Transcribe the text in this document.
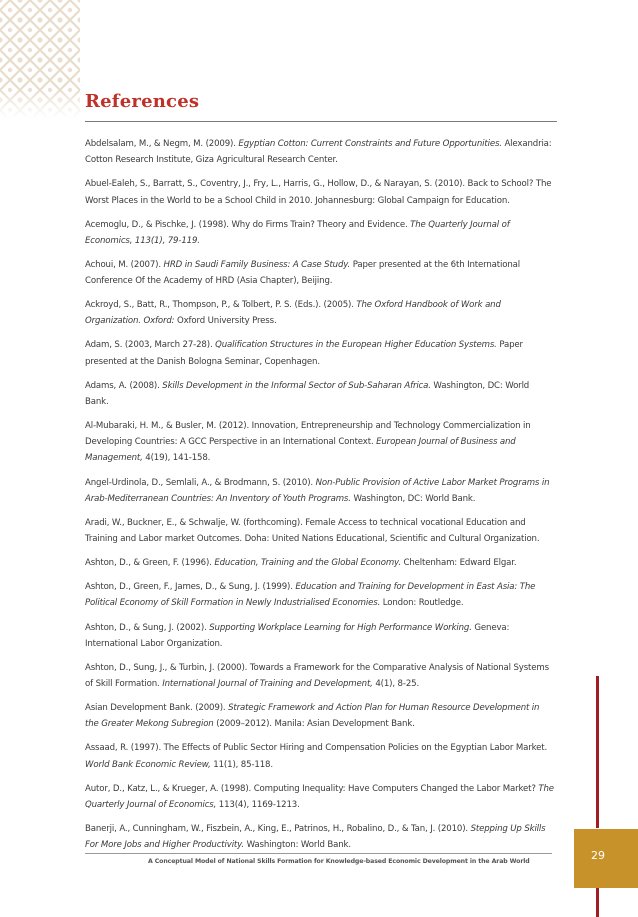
References

Abdelsalam, M., & Negm, M. (2009). Egyptian Cotton: Current Constraints and Future Opportunities. Alexandria: Cotton Research Institute, Giza Agricultural Research Center.

Abuel-Ealeh, S., Barratt, S., Coventry, J., Fry, L., Harris, G., Hollow, D., & Narayan, S. (2010). Back to School? The Worst Places in the World to be a School Child in 2010. Johannesburg: Global Campaign for Education.

Acemoglu, D., & Pischke, J. (1998). Why do Firms Train? Theory and Evidence. The Quarterly Journal of Economics, 113(1), 79-119.

Achoui, M. (2007). HRD in Saudi Family Business: A Case Study. Paper presented at the 6th International Conference Of the Academy of HRD (Asia Chapter), Beijing.

Ackroyd, S., Batt, R., Thompson, P., & Tolbert, P. S. (Eds.). (2005). The Oxford Handbook of Work and Organization. Oxford: Oxford University Press.

Adam, S. (2003, March 27-28). Qualification Structures in the European Higher Education Systems. Paper presented at the Danish Bologna Seminar, Copenhagen.

Adams, A. (2008). Skills Development in the Informal Sector of Sub-Saharan Africa. Washington, DC: World Bank.

Al-Mubaraki, H. M., & Busler, M. (2012). Innovation, Entrepreneurship and Technology Commercialization in Developing Countries: A GCC Perspective in an International Context. European Journal of Business and Management, 4(19), 141-158.

Angel-Urdinola, D., Semlali, A., & Brodmann, S. (2010). Non-Public Provision of Active Labor Market Programs in Arab-Mediterranean Countries: An Inventory of Youth Programs. Washington, DC: World Bank.

Aradi, W., Buckner, E., & Schwalje, W. (forthcoming). Female Access to technical vocational Education and Training and Labor market Outcomes. Doha: United Nations Educational, Scientific and Cultural Organization.

Ashton, D., & Green, F. (1996). Education, Training and the Global Economy. Cheltenham: Edward Elgar.

Ashton, D., Green, F., James, D., & Sung, J. (1999). Education and Training for Development in East Asia: The Political Economy of Skill Formation in Newly Industrialised Economies. London: Routledge.

Ashton, D., & Sung, J. (2002). Supporting Workplace Learning for High Performance Working. Geneva: International Labor Organization.

Ashton, D., Sung, J., & Turbin, J. (2000). Towards a Framework for the Comparative Analysis of National Systems of Skill Formation. International Journal of Training and Development, 4(1), 8-25.

Asian Development Bank. (2009). Strategic Framework and Action Plan for Human Resource Development in the Greater Mekong Subregion (2009–2012). Manila: Asian Development Bank.

Assaad, R. (1997). The Effects of Public Sector Hiring and Compensation Policies on the Egyptian Labor Market. World Bank Economic Review, 11(1), 85-118.

Autor, D., Katz, L., & Krueger, A. (1998). Computing Inequality: Have Computers Changed the Labor Market? The Quarterly Journal of Economics, 113(4), 1169-1213.

Banerji, A., Cunningham, W., Fiszbein, A., King, E., Patrinos, H., Robalino, D., & Tan, J. (2010). Stepping Up Skills For More Jobs and Higher Productivity. Washington: World Bank.

A Conceptual Model of National Skills Formation for Knowledge-based Economic Development in the Arab World	29
